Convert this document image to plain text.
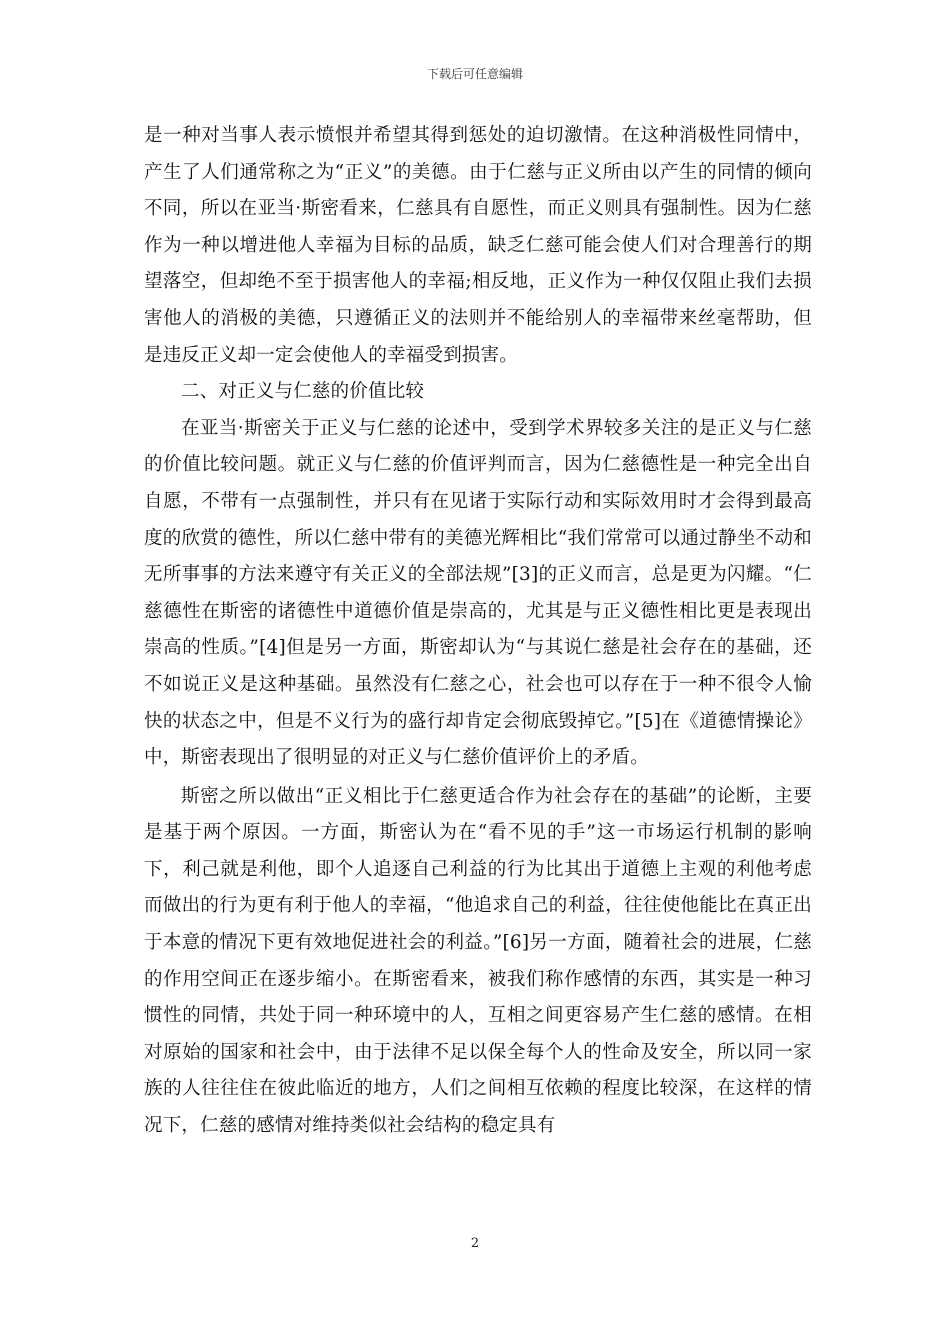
下载后可任意编辑

是一种对当事人表示愤恨并希望其得到惩处的迫切激情。在这种消极性同情中，产生了人们通常称之为“正义”的美德。由于仁慈与正义所由以产生的同情的倾向不同，所以在亚当·斯密看来，仁慈具有自愿性，而正义则具有强制性。因为仁慈作为一种以增进他人幸福为目标的品质，缺乏仁慈可能会使人们对合理善行的期望落空，但却绝不至于损害他人的幸福;相反地，正义作为一种仅仅阻止我们去损害他人的消极的美德，只遵循正义的法则并不能给别人的幸福带来丝毫帮助，但是违反正义却一定会使他人的幸福受到损害。

二、对正义与仁慈的价值比较

在亚当·斯密关于正义与仁慈的论述中，受到学术界较多关注的是正义与仁慈的价值比较问题。就正义与仁慈的价值评判而言，因为仁慈德性是一种完全出自自愿，不带有一点强制性，并只有在见诸于实际行动和实际效用时才会得到最高度的欣赏的德性，所以仁慈中带有的美德光辉相比“我们常常可以通过静坐不动和无所事事的方法来遵守有关正义的全部法规”[3]的正义而言，总是更为闪耀。“仁慈德性在斯密的诸德性中道德价值是崇高的，尤其是与正义德性相比更是表现出崇高的性质。”[4]但是另一方面，斯密却认为“与其说仁慈是社会存在的基础，还不如说正义是这种基础。虽然没有仁慈之心，社会也可以存在于一种不很令人愉快的状态之中，但是不义行为的盛行却肯定会彻底毁掉它。”[5]在《道德情操论》中，斯密表现出了很明显的对正义与仁慈价值评价上的矛盾。

斯密之所以做出“正义相比于仁慈更适合作为社会存在的基础”的论断，主要是基于两个原因。一方面，斯密认为在“看不见的手”这一市场运行机制的影响下，利己就是利他，即个人追逐自己利益的行为比其出于道德上主观的利他考虑而做出的行为更有利于他人的幸福，“他追求自己的利益，往往使他能比在真正出于本意的情况下更有效地促进社会的利益。”[6]另一方面，随着社会的进展，仁慈的作用空间正在逐步缩小。在斯密看来，被我们称作感情的东西，其实是一种习惯性的同情，共处于同一种环境中的人，互相之间更容易产生仁慈的感情。在相对原始的国家和社会中，由于法律不足以保全每个人的性命及安全，所以同一家族的人往往住在彼此临近的地方，人们之间相互依赖的程度比较深，在这样的情况下，仁慈的感情对维持类似社会结构的稳定具有

2
